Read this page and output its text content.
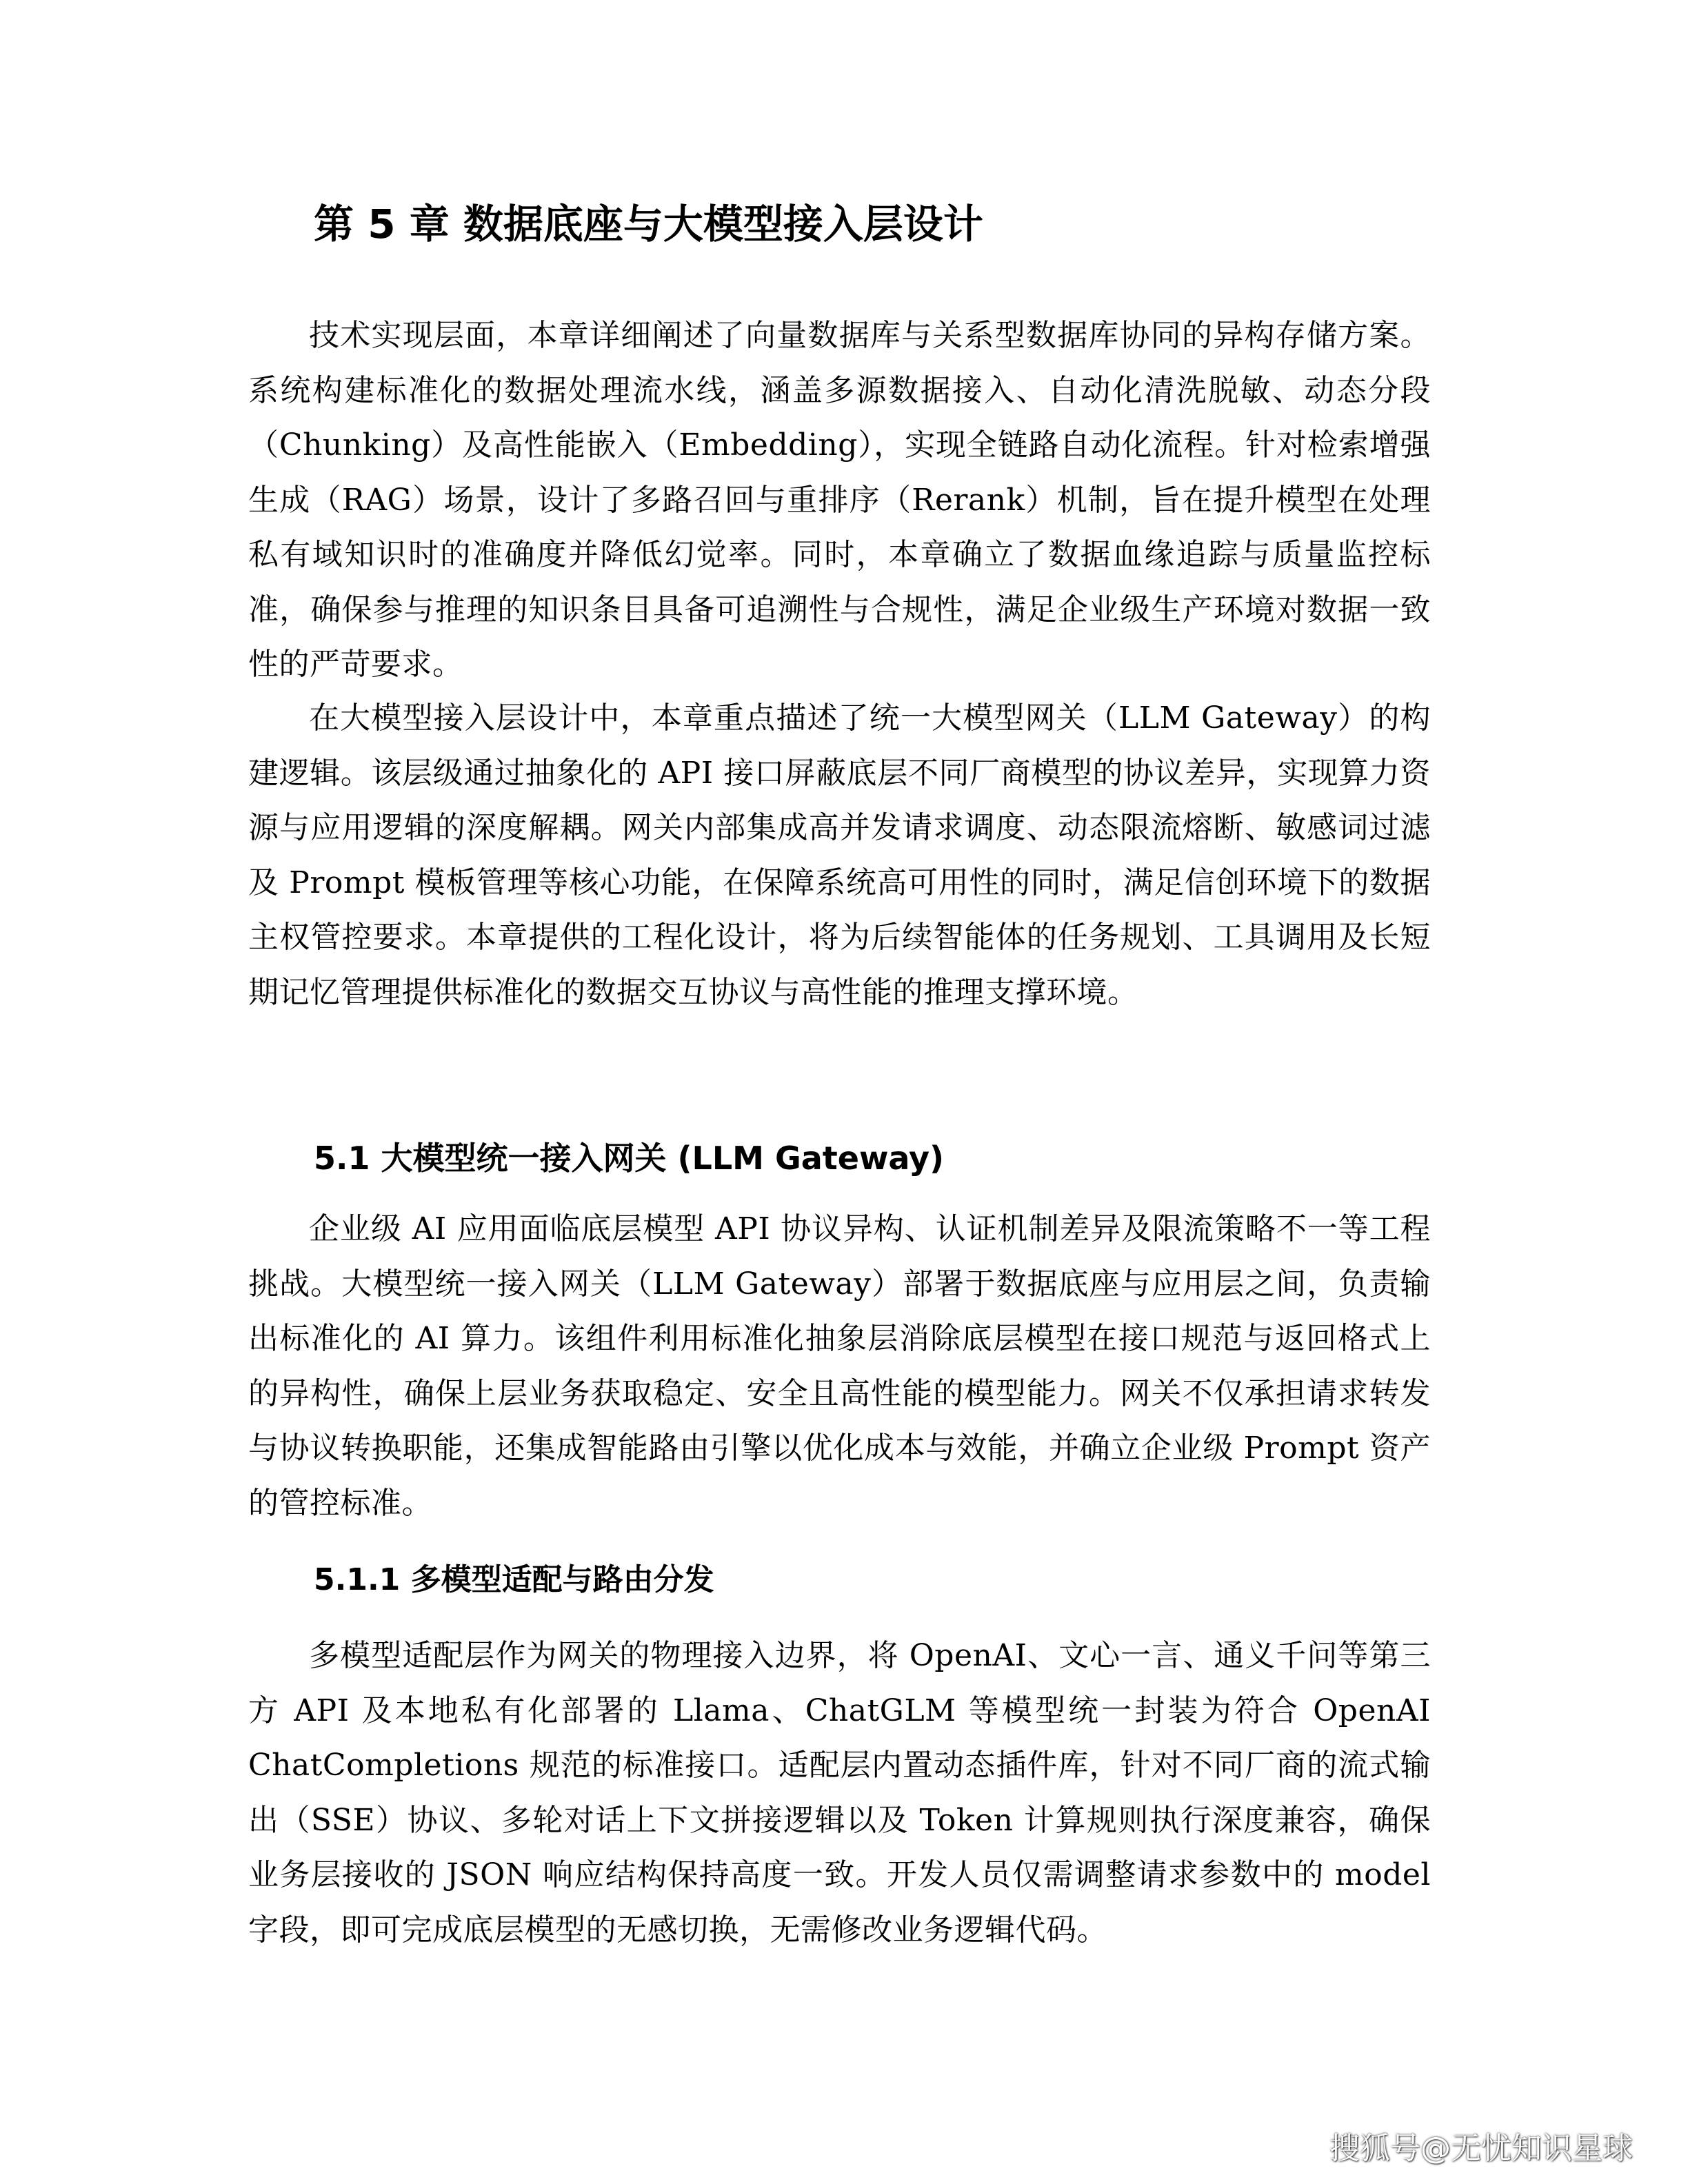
第 5 章 数据底座与大模型接入层设计

技术实现层面，本章详细阐述了向量数据库与关系型数据库协同的异构存储方案。系统构建标准化的数据处理流水线，涵盖多源数据接入、自动化清洗脱敏、动态分段（Chunking）及高性能嵌入（Embedding），实现全链路自动化流程。针对检索增强生成（RAG）场景，设计了多路召回与重排序（Rerank）机制，旨在提升模型在处理私有域知识时的准确度并降低幻觉率。同时，本章确立了数据血缘追踪与质量监控标准，确保参与推理的知识条目具备可追溯性与合规性，满足企业级生产环境对数据一致性的严苛要求。

在大模型接入层设计中，本章重点描述了统一大模型网关（LLM Gateway）的构建逻辑。该层级通过抽象化的 API 接口屏蔽底层不同厂商模型的协议差异，实现算力资源与应用逻辑的深度解耦。网关内部集成高并发请求调度、动态限流熔断、敏感词过滤及 Prompt 模板管理等核心功能，在保障系统高可用性的同时，满足信创环境下的数据主权管控要求。本章提供的工程化设计，将为后续智能体的任务规划、工具调用及长短期记忆管理提供标准化的数据交互协议与高性能的推理支撑环境。

5.1 大模型统一接入网关 (LLM Gateway)

企业级 AI 应用面临底层模型 API 协议异构、认证机制差异及限流策略不一等工程挑战。大模型统一接入网关（LLM Gateway）部署于数据底座与应用层之间，负责输出标准化的 AI 算力。该组件利用标准化抽象层消除底层模型在接口规范与返回格式上的异构性，确保上层业务获取稳定、安全且高性能的模型能力。网关不仅承担请求转发与协议转换职能，还集成智能路由引擎以优化成本与效能，并确立企业级 Prompt 资产的管控标准。

5.1.1 多模型适配与路由分发

多模型适配层作为网关的物理接入边界，将 OpenAI、文心一言、通义千问等第三方 API 及本地私有化部署的 Llama、ChatGLM 等模型统一封装为符合 OpenAI ChatCompletions 规范的标准接口。适配层内置动态插件库，针对不同厂商的流式输出（SSE）协议、多轮对话上下文拼接逻辑以及 Token 计算规则执行深度兼容，确保业务层接收的 JSON 响应结构保持高度一致。开发人员仅需调整请求参数中的 model 字段，即可完成底层模型的无感切换，无需修改业务逻辑代码。

搜狐号@无忧知识星球
